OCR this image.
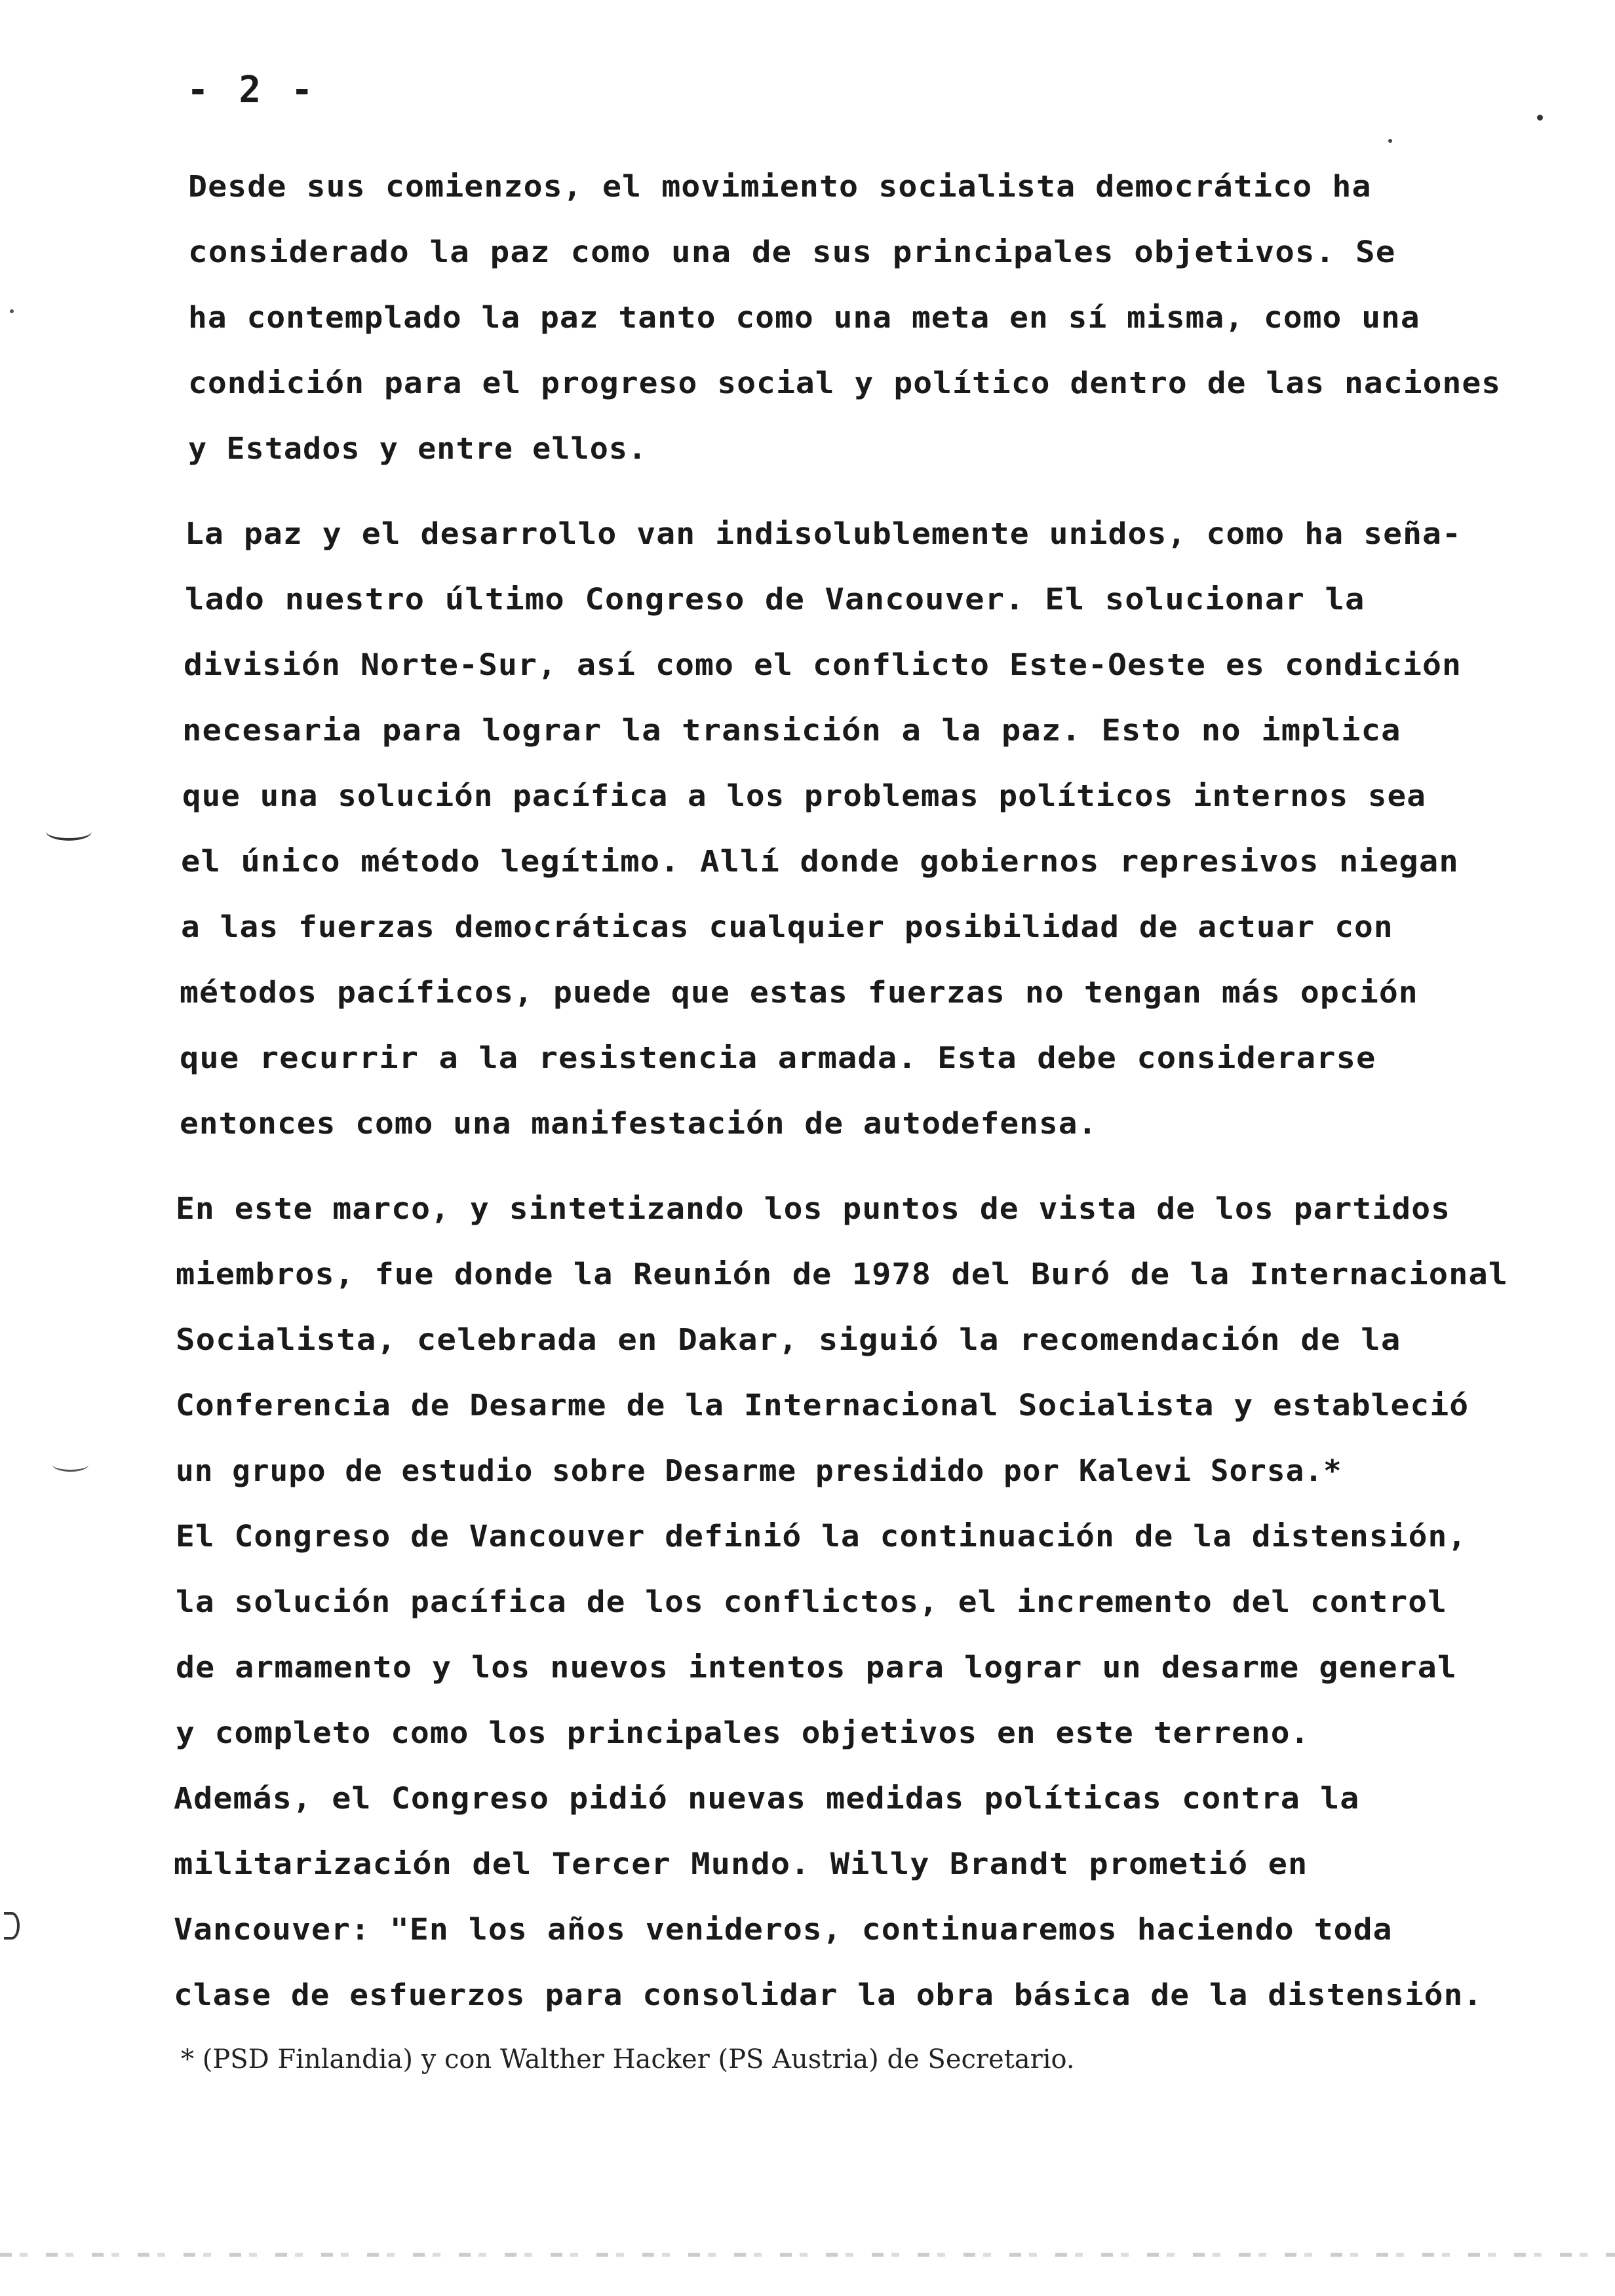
- 2 -
Desde sus comienzos, el movimiento socialista democrático ha
considerado la paz como una de sus principales objetivos. Se
ha contemplado la paz tanto como una meta en sí misma, como una
condición para el progreso social y político dentro de las naciones
y Estados y entre ellos.
La paz y el desarrollo van indisolublemente unidos, como ha seña-
lado nuestro último Congreso de Vancouver. El solucionar la
división Norte-Sur, así como el conflicto Este-Oeste es condición
necesaria para lograr la transición a la paz. Esto no implica
que una solución pacífica a los problemas políticos internos sea
el único método legítimo. Allí donde gobiernos represivos niegan
a las fuerzas democráticas cualquier posibilidad de actuar con
métodos pacíficos, puede que estas fuerzas no tengan más opción
que recurrir a la resistencia armada. Esta debe considerarse
entonces como una manifestación de autodefensa.
En este marco, y sintetizando los puntos de vista de los partidos
miembros, fue donde la Reunión de 1978 del Buró de la Internacional
Socialista, celebrada en Dakar, siguió la recomendación de la
Conferencia de Desarme de la Internacional Socialista y estableció
un grupo de estudio sobre Desarme presidido por Kalevi Sorsa.*
El Congreso de Vancouver definió la continuación de la distensión,
la solución pacífica de los conflictos, el incremento del control
de armamento y los nuevos intentos para lograr un desarme general
y completo como los principales objetivos en este terreno.
Además, el Congreso pidió nuevas medidas políticas contra la
militarización del Tercer Mundo. Willy Brandt prometió en
Vancouver: "En los años venideros, continuaremos haciendo toda
clase de esfuerzos para consolidar la obra básica de la distensión.
* (PSD Finlandia) y con Walther Hacker (PS Austria) de Secretario.
